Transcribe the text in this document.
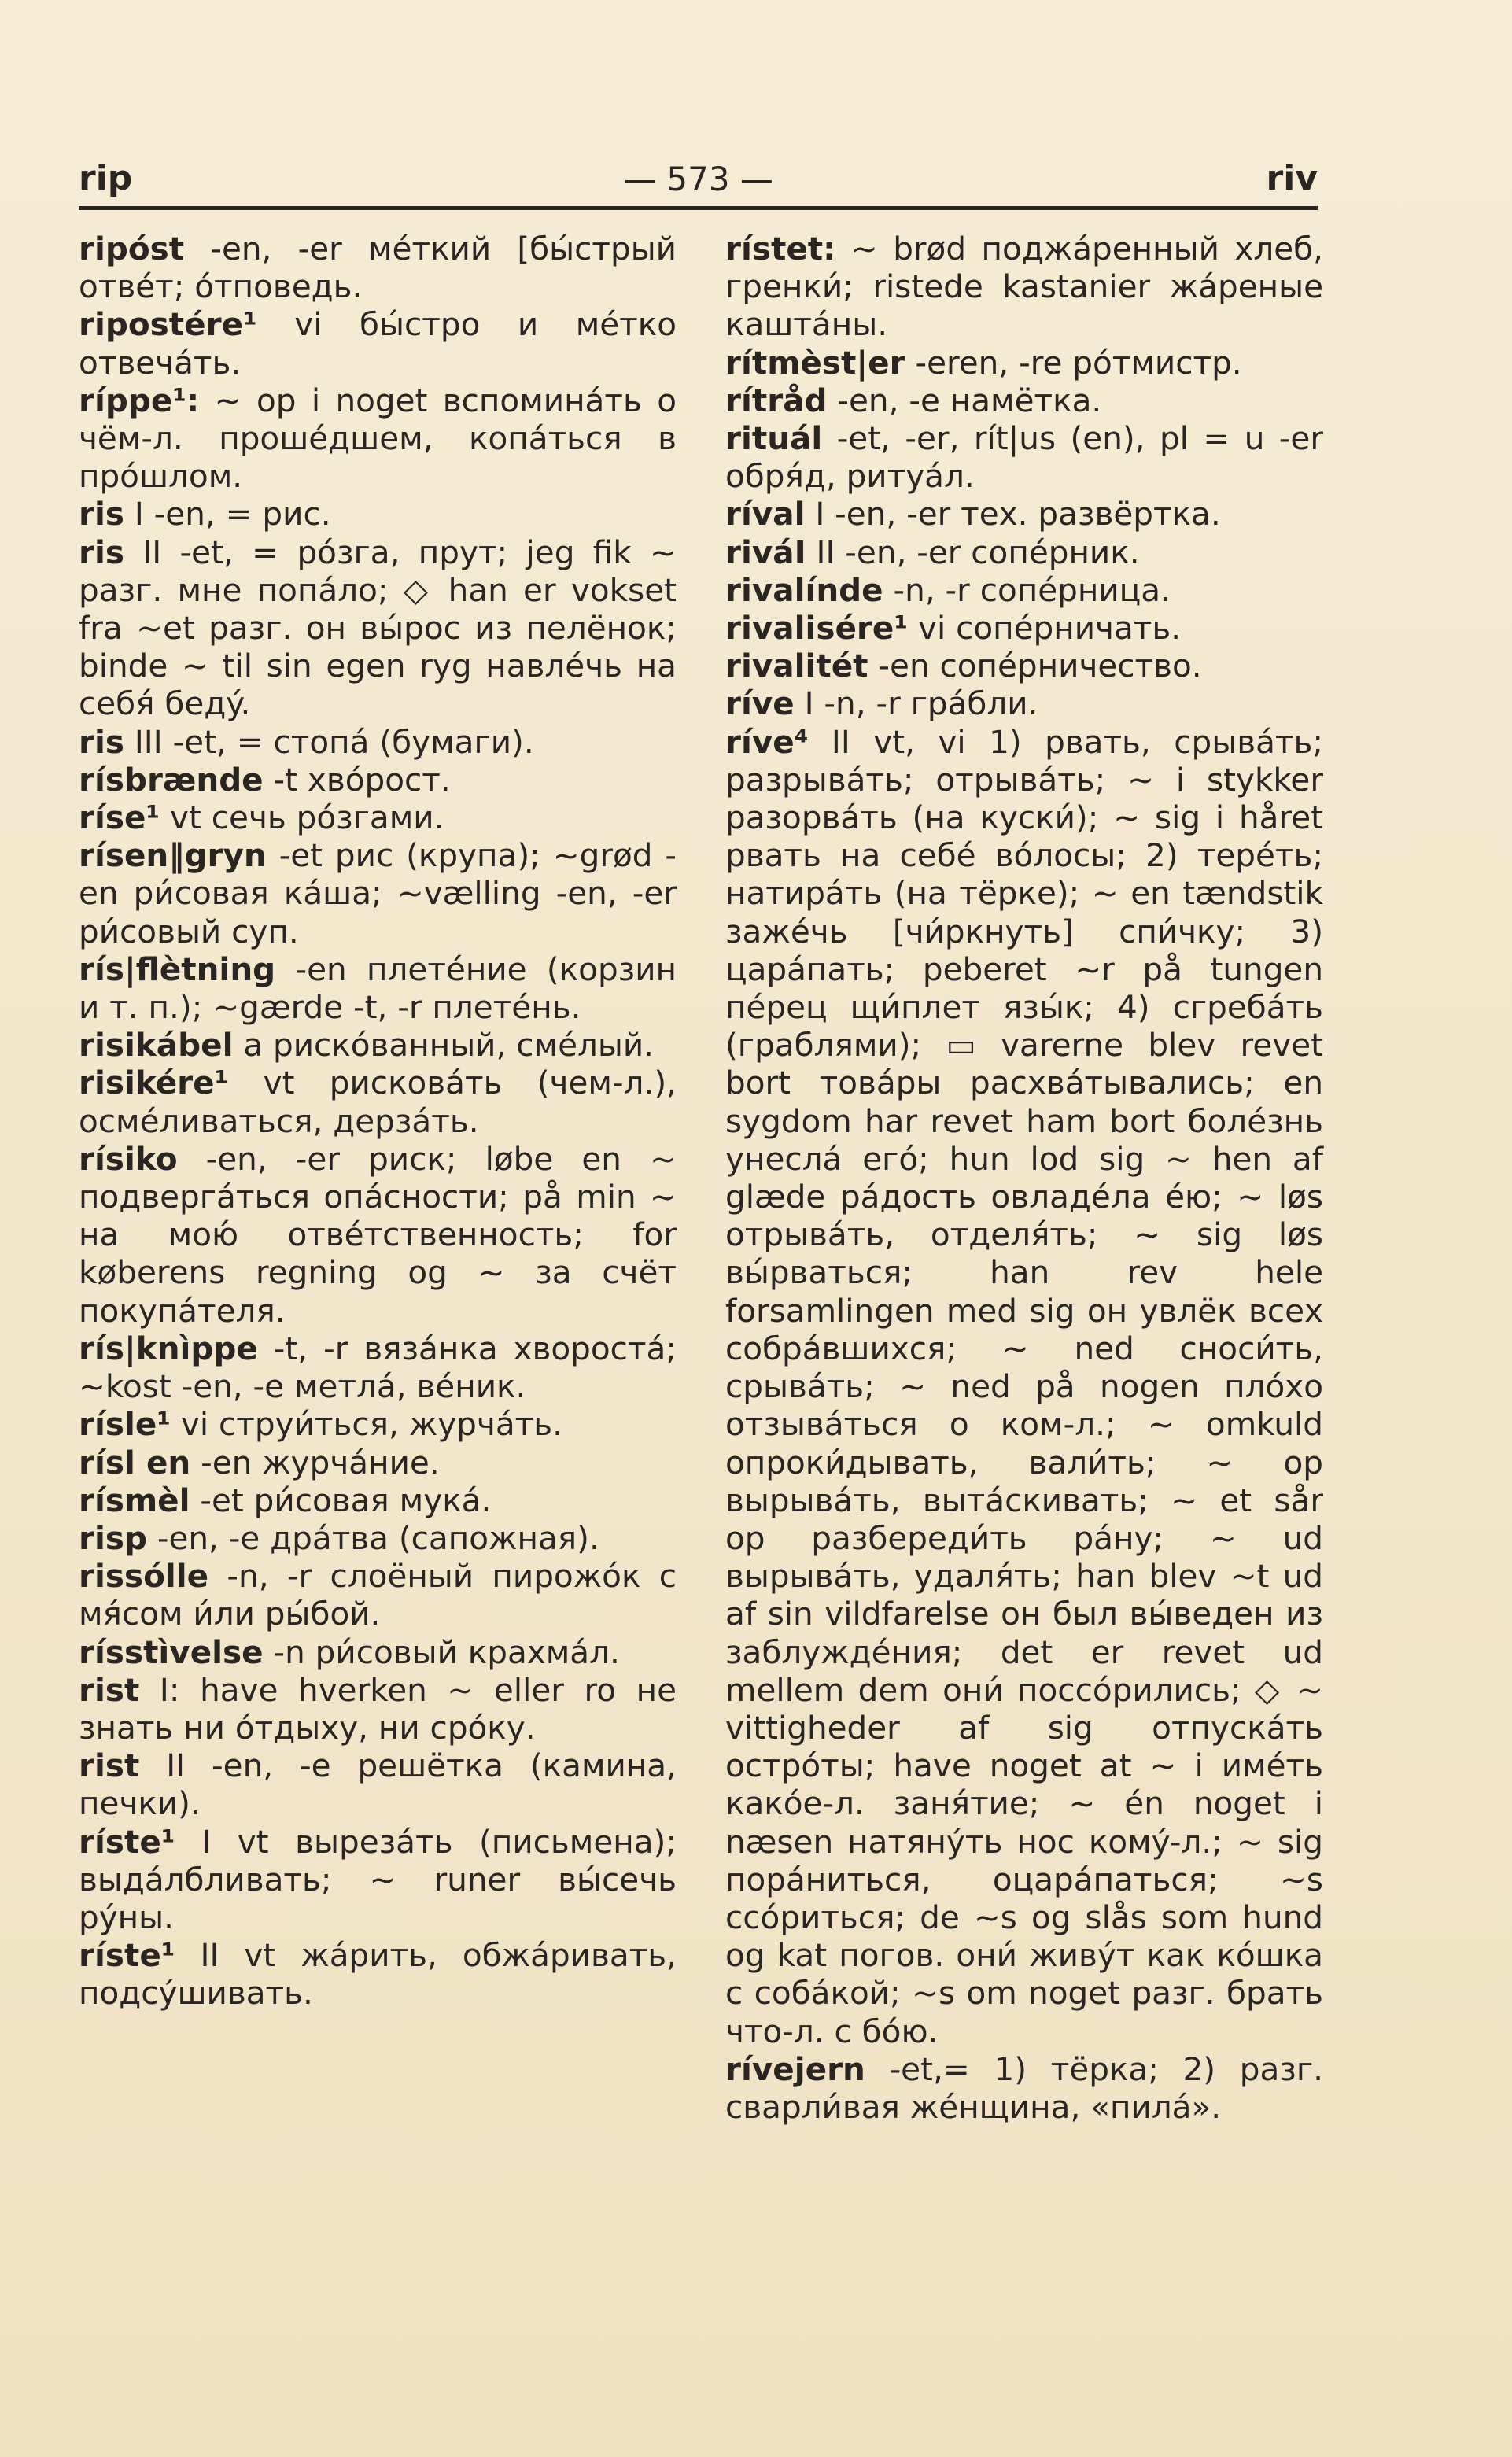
rip	— 573 —	riv

ripóst -en, -er мéткий [бы́стрый отвéт; óтповедь.

ripostére¹ vi бы́стро и мéтко отвечáть.

ríppe¹: ~ op i noget вспоминáть о чём-л. прошéдшем, копáться в прóшлом.

ris I -en, = рис.

ris II -et, = рóзга, прут; jeg fik ~ разг. мне попáло; ◇ han er vokset fra ~et разг. он вы́рос из пелёнок; binde ~ til sin egen ryg навлéчь на себя́ бедý.

ris III -et, = стопá (бумаги).

rísbrænde -t хвóрост.

ríse¹ vt сечь рóзгами.

rísen‖gryn -et рис (крупа); ~grød -en ри́совая кáша; ~vælling -en, -er ри́совый суп.

rís|flètning -en плетéние (корзин и т. п.); ~gærde -t, -r плетéнь.

risikábel a рискóванный, смéлый.

risikére¹ vt рисковáть (чем-л.), осмéливаться, дерзáть.

rísiko -en, -er риск; løbe en ~ подвергáться опáсности; på min ~ на мою́ отвéтственность; for køberens regning og ~ за счёт покупáтеля.

rís|knìppe -t, -r вязáнка хворостá; ~kost -en, -e метлá, вéник.

rísle¹ vi струи́ться, журчáть.

rísl en -en журчáние.

rísmèl -et ри́совая мукá.

risp -en, -e дрáтва (сапожная).

rissólle -n, -r слоёный пирожóк с мя́сом и́ли ры́бой.

rísstìvelse -n ри́совый крахмáл.

rist I: have hverken ~ eller ro не знать ни óтдыху, ни срóку.

rist II -en, -e решётка (камина, печки).

ríste¹ I vt вырезáть (письмена); выдáлбливать; ~ runer вы́сечь рýны.

ríste¹ II vt жáрить, обжáривать, подсýшивать.

rístet: ~ brød поджáренный хлеб, гренки́; ristede kastanier жáреные каштáны.

rítmèst|er -eren, -re рóтмистр.

rítråd -en, -e намётка.

rituál -et, -er, rít|us (en), pl = u -er обря́д, ритуáл.

ríval I -en, -er тех. развёртка.

riváI II -en, -er сопéрник.

rivalínde -n, -r сопéрница.

rivalisére¹ vi сопéрничать.

rivalitét -en сопéрничество.

ríve I -n, -r грáбли.

ríve⁴ II vt, vi 1) рвать, срывáть; разрывáть; отрывáть; ~ i stykker разорвáть (на куски́); ~ sig i håret рвать на себé вóлосы; 2) терéть; натирáть (на тёрке); ~ en tændstik зажéчь [чи́ркнуть] спи́чку; 3) царáпать; peberet ~r på tungen пéрец щи́плет язы́к; 4) сгребáть (граблями); ▭ varerne blev revet bort товáры расхвáтывались; en sygdom har revet ham bort болéзнь унеслá егó; hun lod sig ~ hen af glæde рáдость овладéла éю; ~ løs отрывáть, отделя́ть; ~ sig løs вы́рваться; han rev hele forsamlingen med sig он увлёк всех собрáвшихся; ~ ned сноси́ть, срывáть; ~ ned på nogen плóхо отзывáться о ком-л.; ~ omkuld опроки́дывать, вали́ть; ~ op вырывáть, вытáскивать; ~ et sår op разбереди́ть рáну; ~ ud вырывáть, удаля́ть; han blev ~t ud af sin vildfarelse он был вы́веден из заблуждéния; det er revet ud mellem dem они́ поссóрились; ◇ ~ vittigheder af sig отпускáть острóты; have noget at ~ i имéть какóе-л. заня́тие; ~ én noget i næsen натянýть нос комý-л.; ~ sig порáниться, оцарáпаться; ~s ссóриться; de ~s og slås som hund og kat погов. они́ живýт как кóшка с собáкой; ~s om noget разг. брать что-л. с бóю.

rívejern -et,= 1) тёрка; 2) разг. сварли́вая жéнщина, «пилá».
